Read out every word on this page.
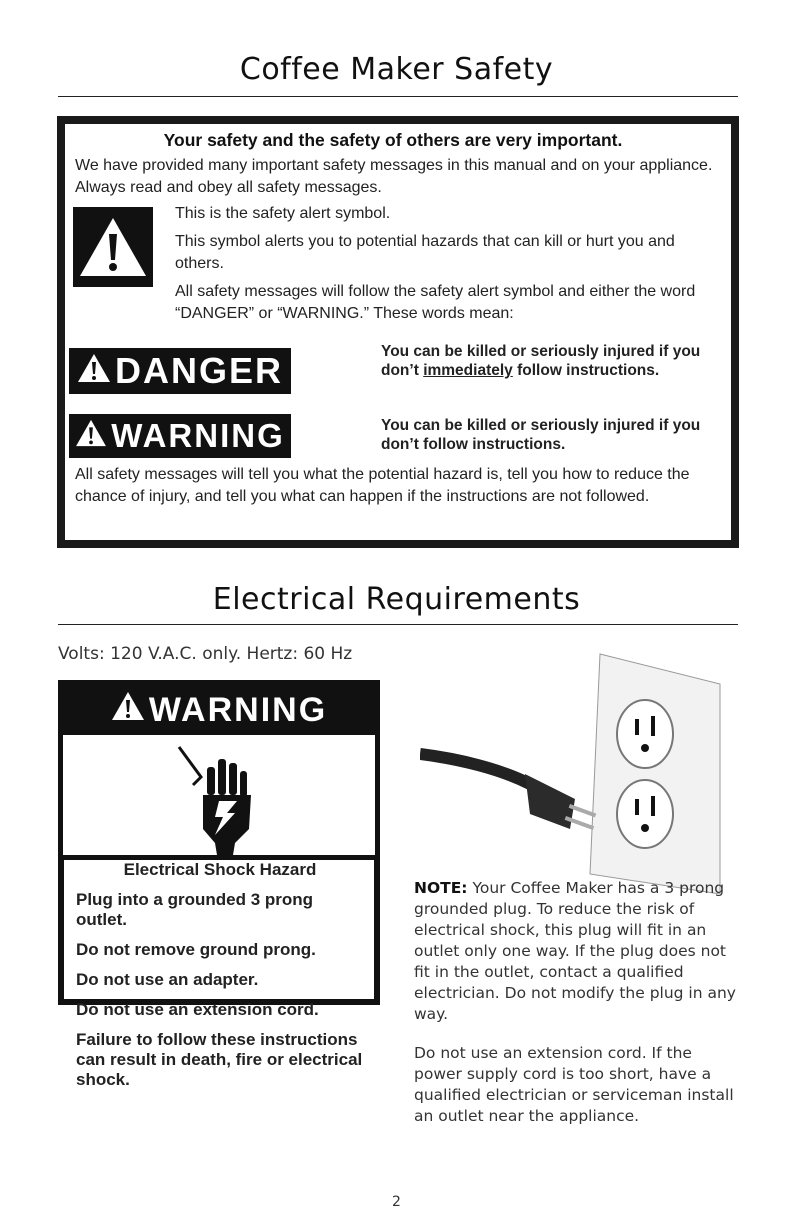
Coffee Maker Safety
Your safety and the safety of others are very important.
We have provided many important safety messages in this manual and on your appliance. Always read and obey all safety messages.

This is the safety alert symbol.

This symbol alerts you to potential hazards that can kill or hurt you and others.

All safety messages will follow the safety alert symbol and either the word “DANGER” or “WARNING.” These words mean:

DANGER	You can be killed or seriously injured if you don’t immediately follow instructions.
WARNING	You can be killed or seriously injured if you don’t follow instructions.
All safety messages will tell you what the potential hazard is, tell you how to reduce the chance of injury, and tell you what can happen if the instructions are not followed.
Electrical Requirements
Volts: 120 V.A.C. only. Hertz: 60 Hz
WARNING
Electrical Shock Hazard
Plug into a grounded 3 prong outlet.
Do not remove ground prong.
Do not use an adapter.
Do not use an extension cord.
Failure to follow these instructions can result in death, fire or electrical shock.

NOTE: Your Coffee Maker has a 3 prong grounded plug. To reduce the risk of electrical shock, this plug will fit in an outlet only one way. If the plug does not fit in the outlet, contact a qualified electrician. Do not modify the plug in any way.

Do not use an extension cord. If the power supply cord is too short, have a qualified electrician or serviceman install an outlet near the appliance.

2
